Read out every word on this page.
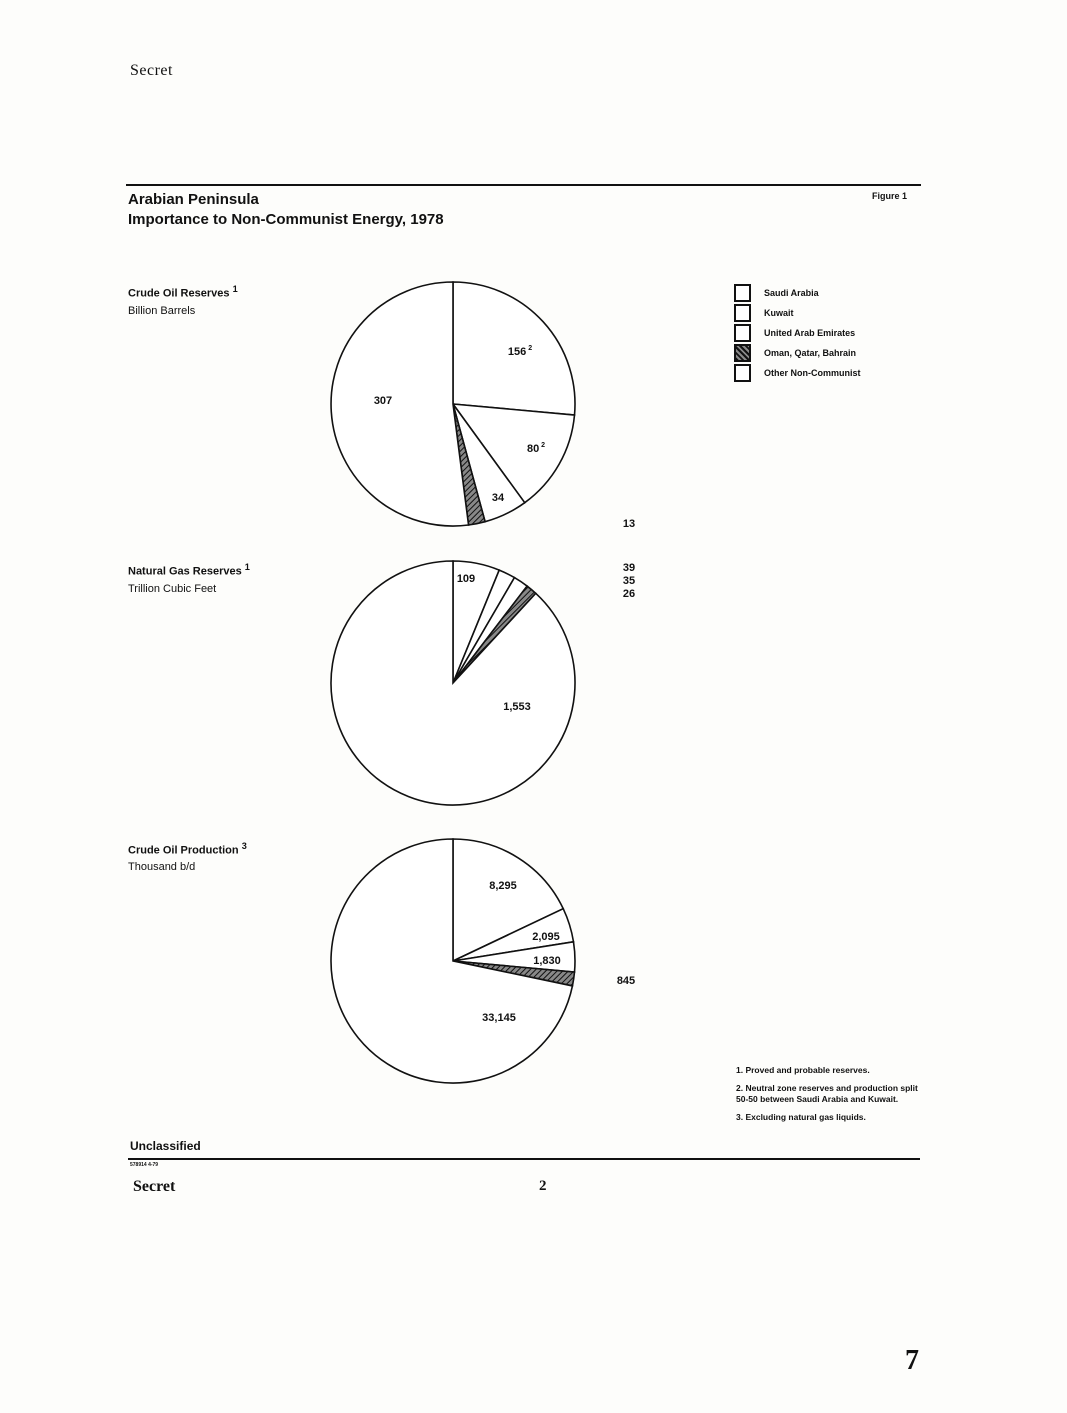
Secret
Arabian Peninsula
Importance to Non-Communist Energy, 1978
Figure 1
Crude Oil Reserves $^1$
Billion Barrels
Natural Gas Reserves $^1$
Trillion Cubic Feet
Crude Oil Production $^3$
Thousand b/d
Saudi Arabia
Kuwait
United Arab Emirates
Oman, Qatar, Bahrain
Other Non-Communist
156 $^2$
80 $^2$
34
13
307
109
39
35
26
1,553
8,295
2,095
1,830
845
33,145

1. Proved and probable reserves.

2. Neutral zone reserves and production split 50-50 between Saudi Arabia and Kuwait.

3. Excluding natural gas liquids.

Unclassified
578914 4-79
Secret	2
7
